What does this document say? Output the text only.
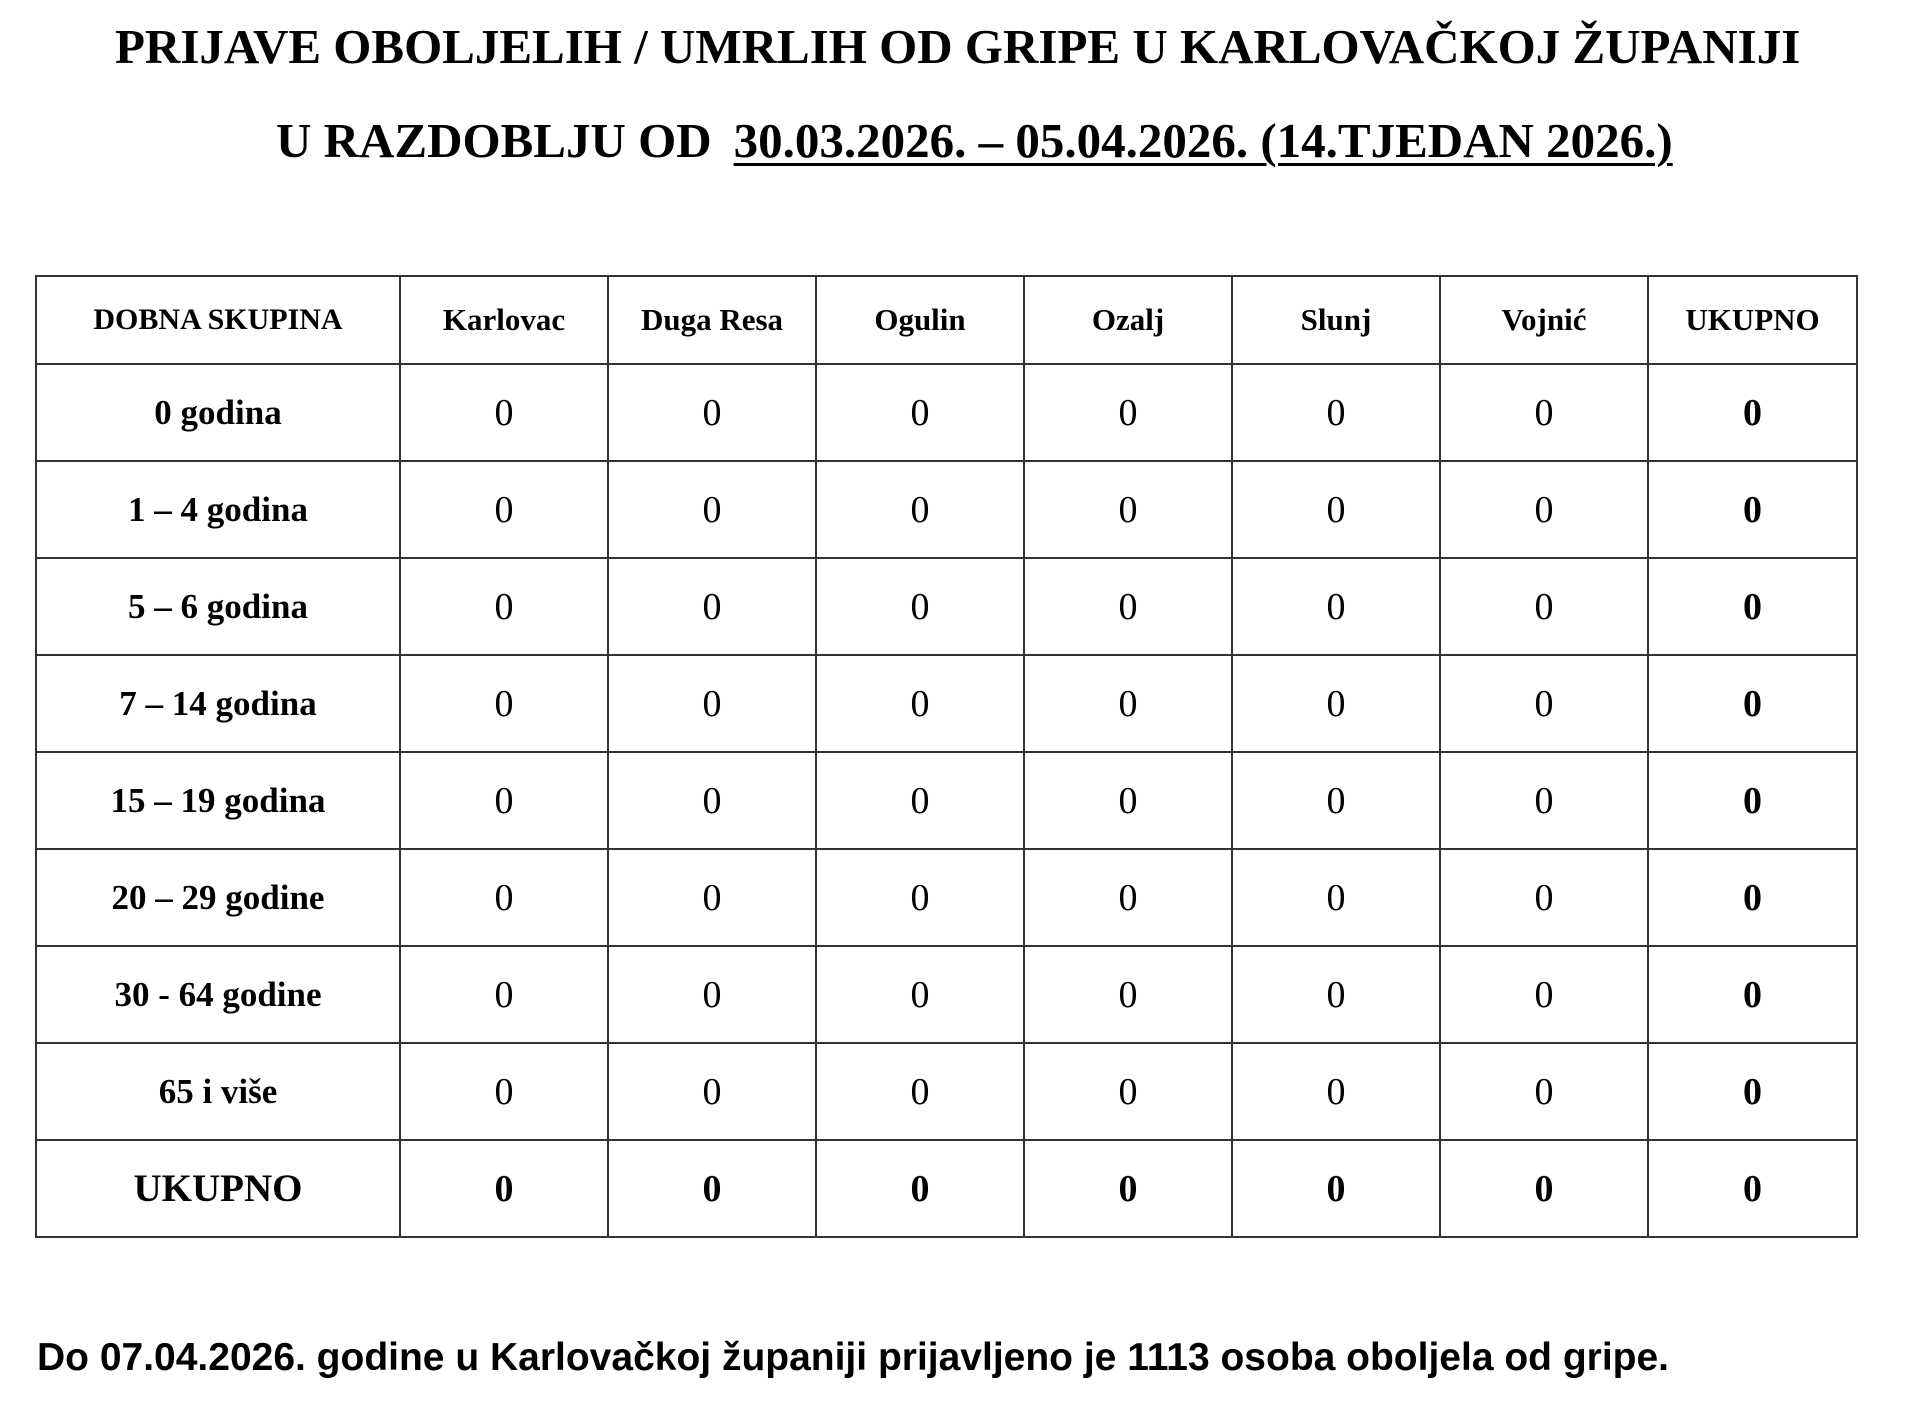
PRIJAVE OBOLJELIH / UMRLIH OD GRIPE U KARLOVAČKOJ ŽUPANIJI
U RAZDOBLJU OD 30.03.2026. – 05.04.2026. (14.TJEDAN 2026.)
DOBNA SKUPINA	Karlovac	Duga Resa	Ogulin	Ozalj	Slunj	Vojnić	UKUPNO
0 godina	0	0	0	0	0	0	0
1 – 4 godina	0	0	0	0	0	0	0
5 – 6 godina	0	0	0	0	0	0	0
7 – 14 godina	0	0	0	0	0	0	0
15 – 19 godina	0	0	0	0	0	0	0
20 – 29 godine	0	0	0	0	0	0	0
30 - 64 godine	0	0	0	0	0	0	0
65 i više	0	0	0	0	0	0	0
UKUPNO	0	0	0	0	0	0	0
Do 07.04.2026. godine u Karlovačkoj županiji prijavljeno je 1113 osoba oboljela od gripe.
